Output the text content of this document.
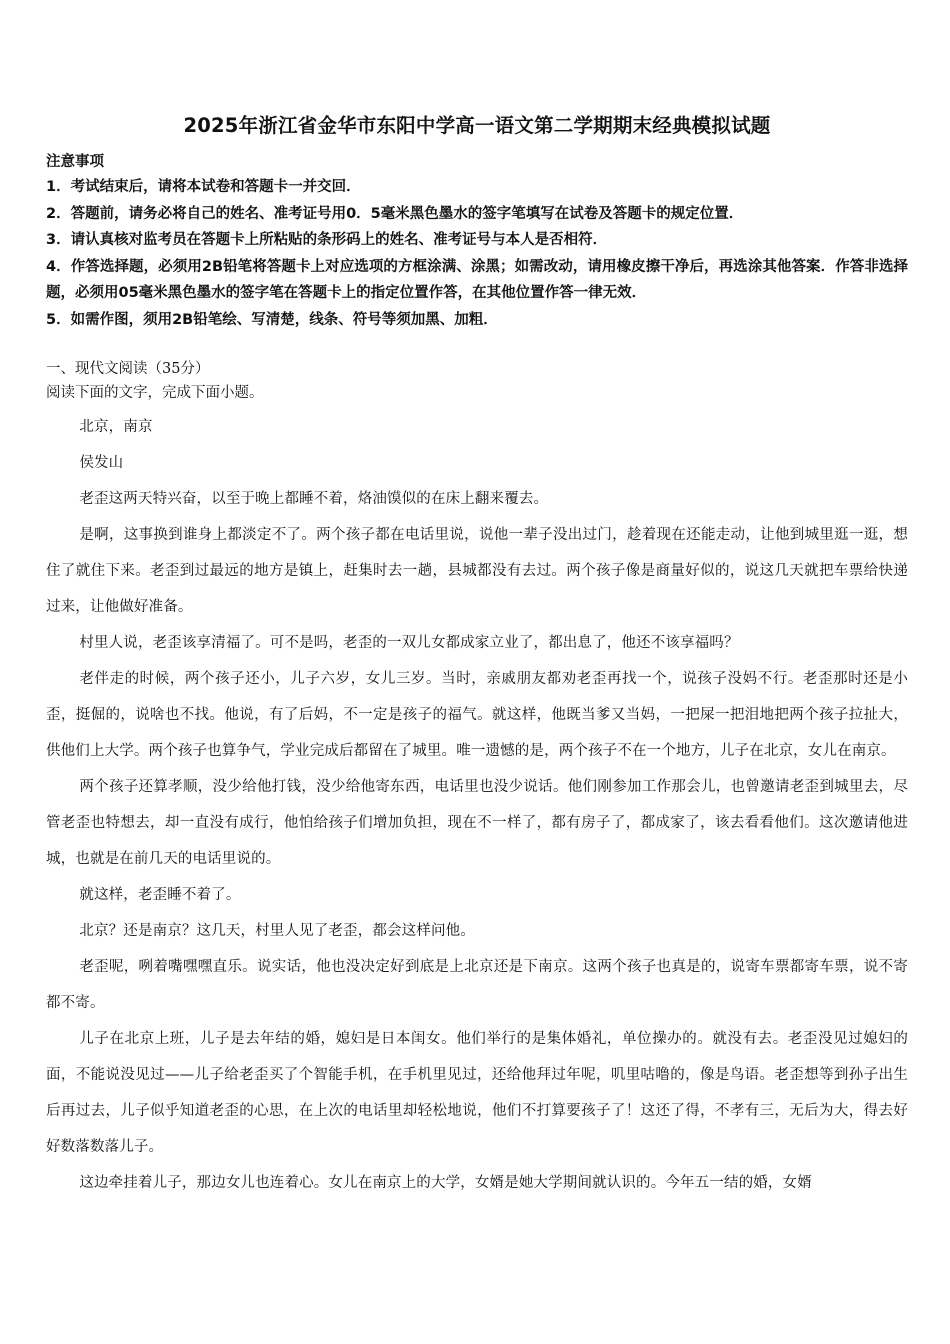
2025年浙江省金华市东阳中学高一语文第二学期期末经典模拟试题

注意事项

1．考试结束后，请将本试卷和答题卡一并交回．

2．答题前，请务必将自己的姓名、准考证号用0．5毫米黑色墨水的签字笔填写在试卷及答题卡的规定位置．

3．请认真核对监考员在答题卡上所粘贴的条形码上的姓名、准考证号与本人是否相符．

4．作答选择题，必须用2B铅笔将答题卡上对应选项的方框涂满、涂黑；如需改动，请用橡皮擦干净后，再选涂其他答案．作答非选择题，必须用05毫米黑色墨水的签字笔在答题卡上的指定位置作答，在其他位置作答一律无效．

5．如需作图，须用2B铅笔绘、写清楚，线条、符号等须加黑、加粗．

一、现代文阅读（35分）

阅读下面的文字，完成下面小题。

北京，南京

侯发山

老歪这两天特兴奋，以至于晚上都睡不着，烙油馍似的在床上翻来覆去。

是啊，这事换到谁身上都淡定不了。两个孩子都在电话里说，说他一辈子没出过门，趁着现在还能走动，让他到城里逛一逛，想住了就住下来。老歪到过最远的地方是镇上，赶集时去一趟，县城都没有去过。两个孩子像是商量好似的，说这几天就把车票给快递过来，让他做好准备。

村里人说，老歪该享清福了。可不是吗，老歪的一双儿女都成家立业了，都出息了，他还不该享福吗？

老伴走的时候，两个孩子还小，儿子六岁，女儿三岁。当时，亲戚朋友都劝老歪再找一个，说孩子没妈不行。老歪那时还是小歪，挺倔的，说啥也不找。他说，有了后妈，不一定是孩子的福气。就这样，他既当爹又当妈，一把屎一把泪地把两个孩子拉扯大，供他们上大学。两个孩子也算争气，学业完成后都留在了城里。唯一遗憾的是，两个孩子不在一个地方，儿子在北京，女儿在南京。

两个孩子还算孝顺，没少给他打钱，没少给他寄东西，电话里也没少说话。他们刚参加工作那会儿，也曾邀请老歪到城里去，尽管老歪也特想去，却一直没有成行，他怕给孩子们增加负担，现在不一样了，都有房子了，都成家了，该去看看他们。这次邀请他进城，也就是在前几天的电话里说的。

就这样，老歪睡不着了。

北京？还是南京？这几天，村里人见了老歪，都会这样问他。

老歪呢，咧着嘴嘿嘿直乐。说实话，他也没决定好到底是上北京还是下南京。这两个孩子也真是的，说寄车票都寄车票，说不寄都不寄。

儿子在北京上班，儿子是去年结的婚，媳妇是日本闺女。他们举行的是集体婚礼，单位操办的。就没有去。老歪没见过媳妇的面，不能说没见过——儿子给老歪买了个智能手机，在手机里见过，还给他拜过年呢，叽里咕噜的，像是鸟语。老歪想等到孙子出生后再过去，儿子似乎知道老歪的心思，在上次的电话里却轻松地说，他们不打算要孩子了！这还了得，不孝有三，无后为大，得去好好数落数落儿子。

这边牵挂着儿子，那边女儿也连着心。女儿在南京上的大学，女婿是她大学期间就认识的。今年五一结的婚，女婿
